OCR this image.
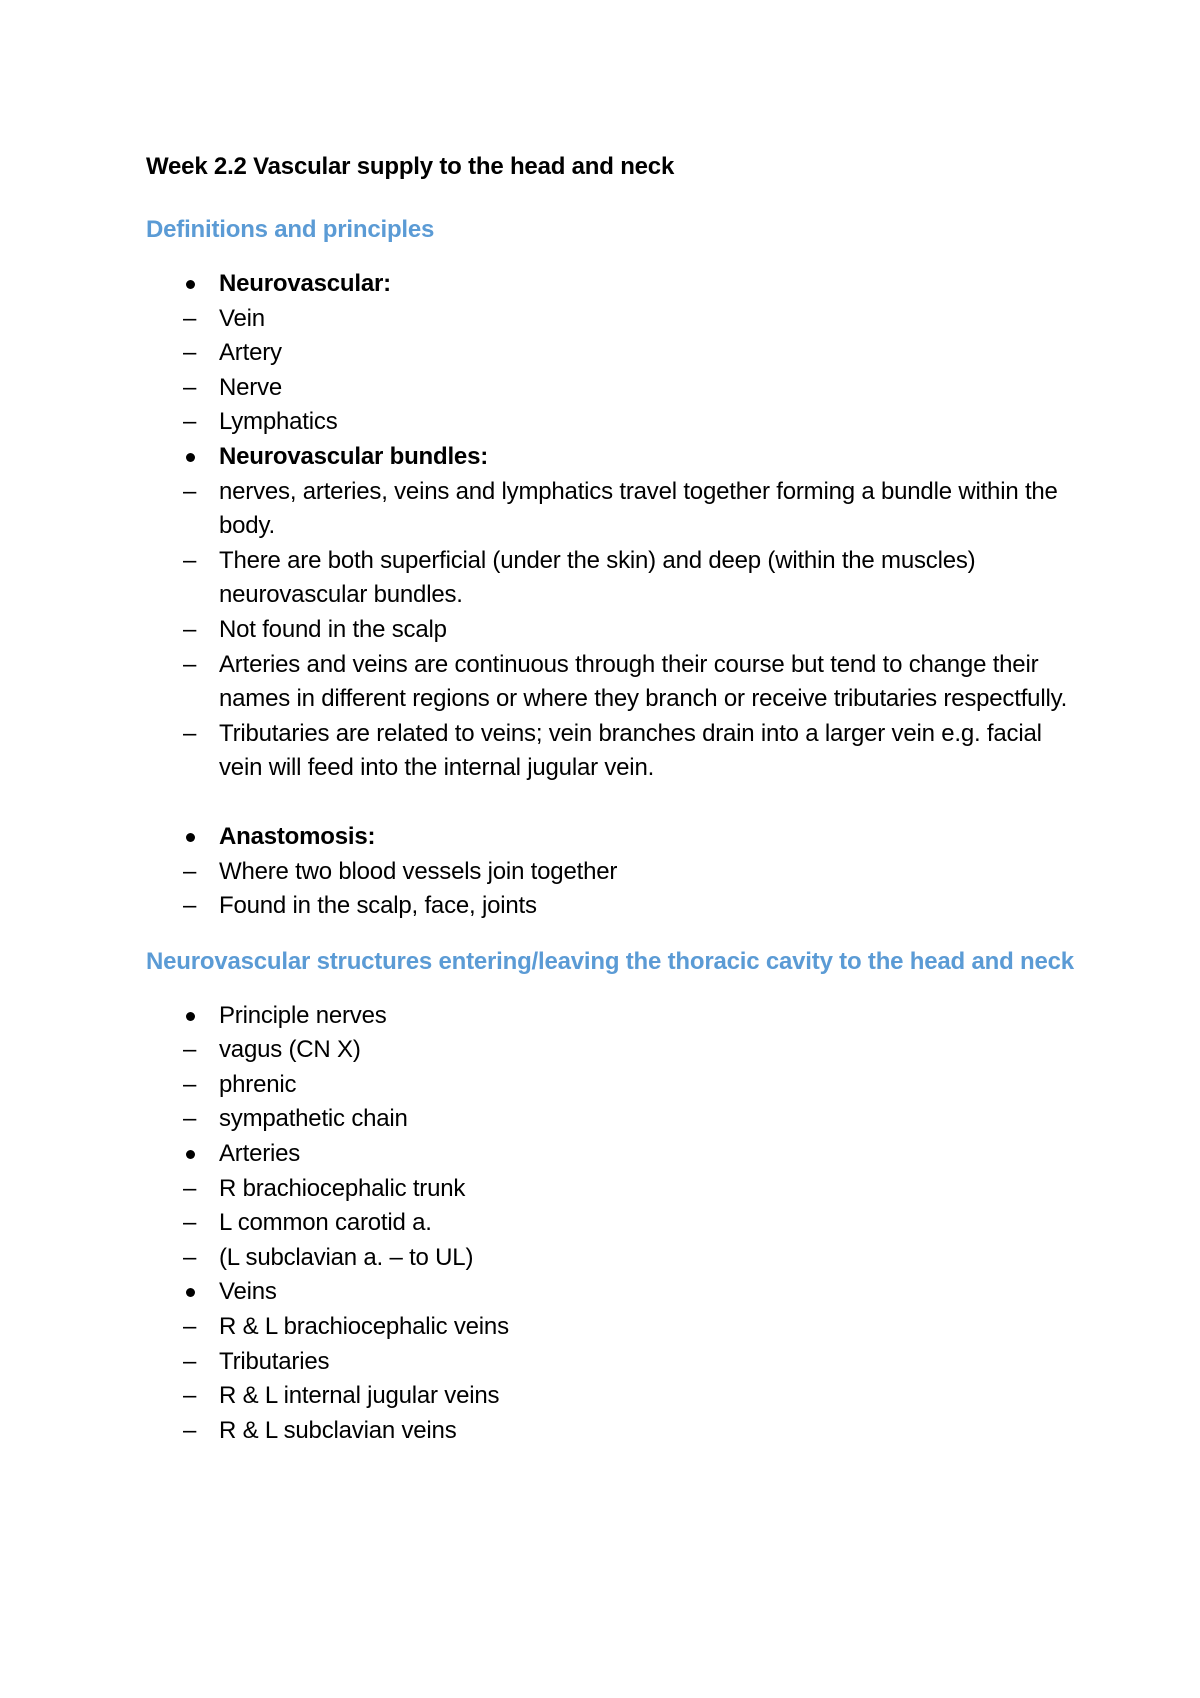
Week 2.2 Vascular supply to the head and neck
Definitions and principles
Neurovascular:
– Vein
– Artery
– Nerve
– Lymphatics
Neurovascular bundles:
– nerves, arteries, veins and lymphatics travel together forming a bundle within the body.
– There are both superficial (under the skin) and deep (within the muscles) neurovascular bundles.
– Not found in the scalp
– Arteries and veins are continuous through their course but tend to change their names in different regions or where they branch or receive tributaries respectfully.
– Tributaries are related to veins; vein branches drain into a larger vein e.g. facial vein will feed into the internal jugular vein.
Anastomosis:
– Where two blood vessels join together
– Found in the scalp, face, joints
Neurovascular structures entering/leaving the thoracic cavity to the head and neck
Principle nerves
– vagus (CN X)
– phrenic
– sympathetic chain
Arteries
– R brachiocephalic trunk
– L common carotid a.
– (L subclavian a. – to UL)
Veins
– R & L brachiocephalic veins
– Tributaries
– R & L internal jugular veins
– R & L subclavian veins
